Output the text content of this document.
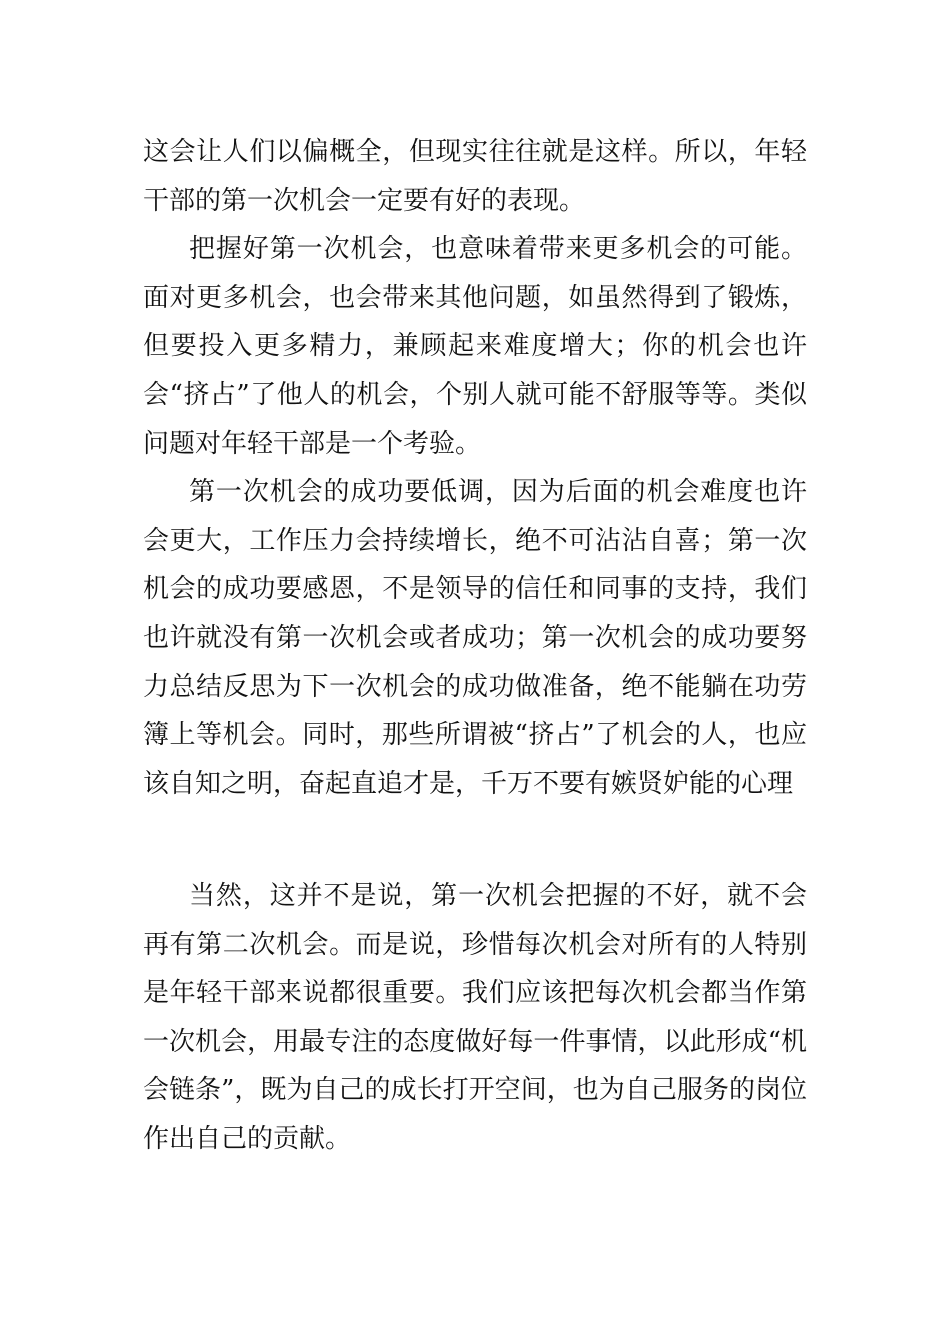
这会让人们以偏概全，但现实往往就是这样。所以，年轻干部的第一次机会一定要有好的表现。

把握好第一次机会，也意味着带来更多机会的可能。面对更多机会，也会带来其他问题，如虽然得到了锻炼，但要投入更多精力，兼顾起来难度增大；你的机会也许会“挤占”了他人的机会，个别人就可能不舒服等等。类似问题对年轻干部是一个考验。

第一次机会的成功要低调，因为后面的机会难度也许会更大，工作压力会持续增长，绝不可沾沾自喜；第一次机会的成功要感恩，不是领导的信任和同事的支持，我们也许就没有第一次机会或者成功；第一次机会的成功要努力总结反思为下一次机会的成功做准备，绝不能躺在功劳簿上等机会。同时，那些所谓被“挤占”了机会的人，也应该自知之明，奋起直追才是，千万不要有嫉贤妒能的心理

当然，这并不是说，第一次机会把握的不好，就不会再有第二次机会。而是说，珍惜每次机会对所有的人特别是年轻干部来说都很重要。我们应该把每次机会都当作第一次机会，用最专注的态度做好每一件事情，以此形成“机会链条”，既为自己的成长打开空间，也为自己服务的岗位作出自己的贡献。
